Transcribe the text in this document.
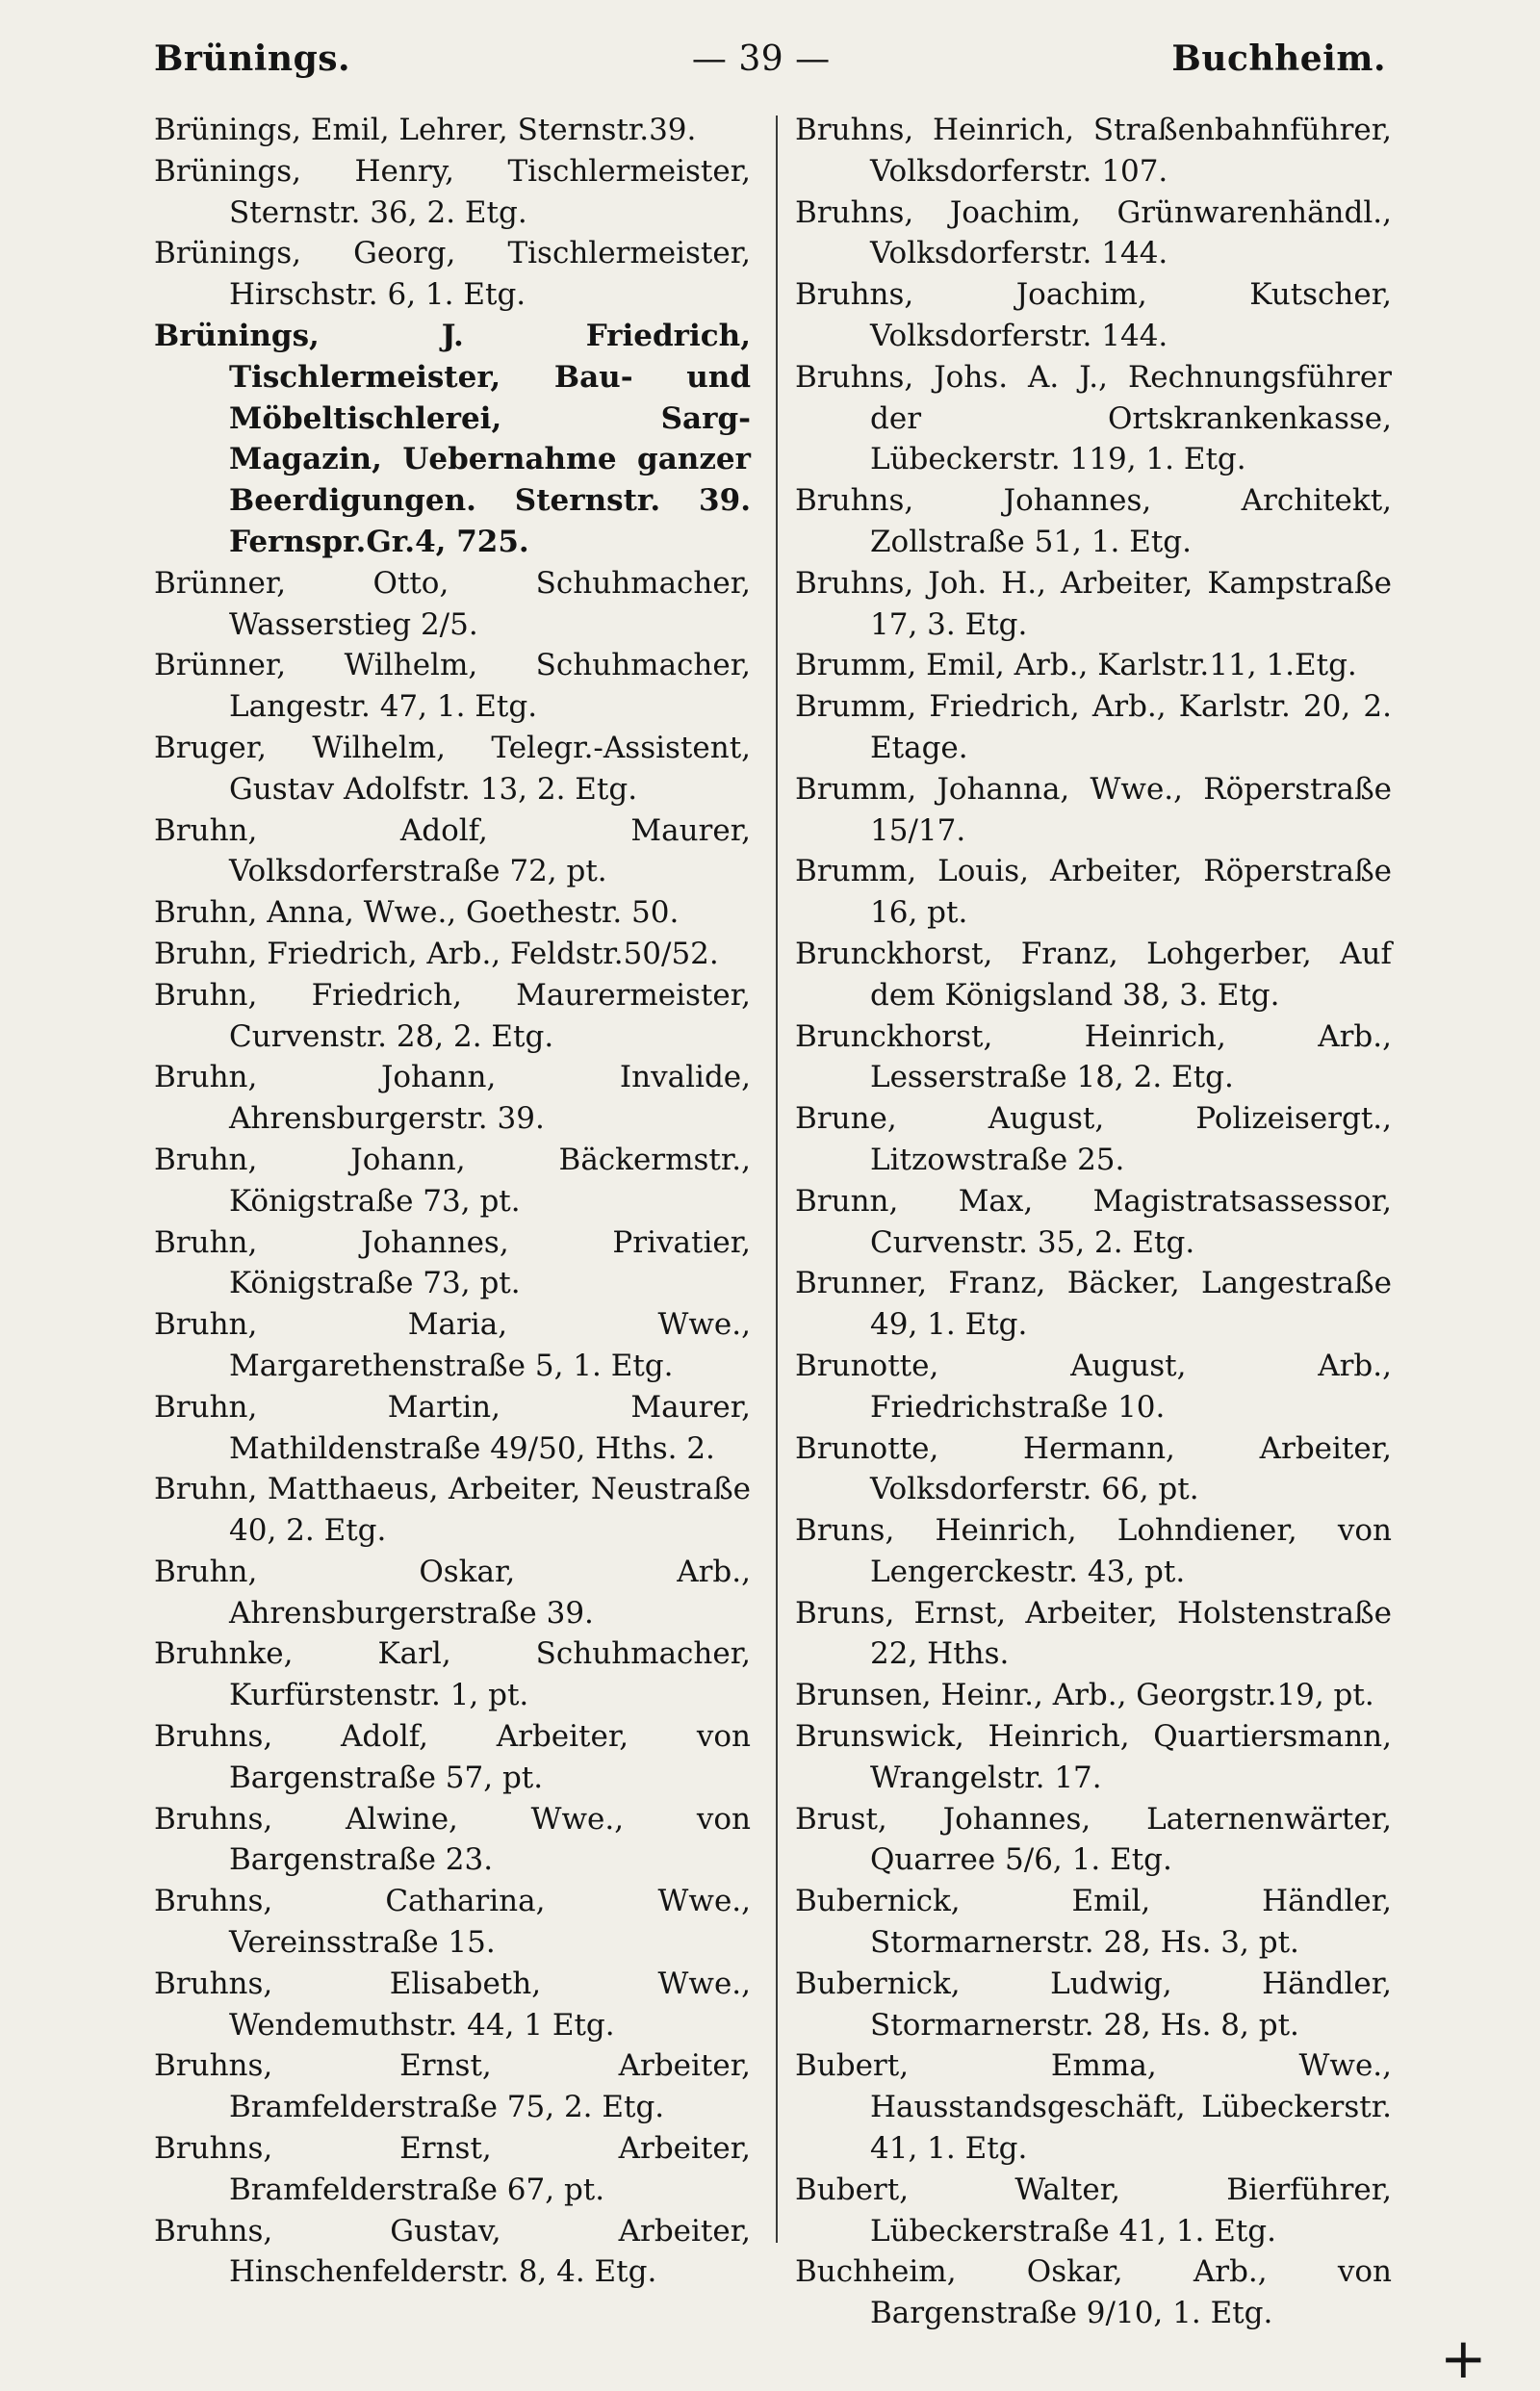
Brünings.	— 39 —	Buchheim.

Brünings, Emil, Lehrer, Sternstr.39.

Brünings, Henry, Tischlermeister, Sternstr. 36, 2. Etg.

Brünings, Georg, Tischlermeister, Hirschstr. 6, 1. Etg.

Brünings, J. Friedrich, Tischlermeister, Bau- und Möbeltischlerei, Sarg-Magazin, Uebernahme ganzer Beerdigungen. Sternstr. 39. Fernspr.Gr.4, 725.

Brünner, Otto, Schuhmacher, Wasserstieg 2/5.

Brünner, Wilhelm, Schuhmacher, Langestr. 47, 1. Etg.

Bruger, Wilhelm, Telegr.-Assistent, Gustav Adolfstr. 13, 2. Etg.

Bruhn, Adolf, Maurer, Volksdorferstraße 72, pt.

Bruhn, Anna, Wwe., Goethestr. 50.

Bruhn, Friedrich, Arb., Feldstr.50/52.

Bruhn, Friedrich, Maurermeister, Curvenstr. 28, 2. Etg.

Bruhn, Johann, Invalide, Ahrensburgerstr. 39.

Bruhn, Johann, Bäckermstr., Königstraße 73, pt.

Bruhn, Johannes, Privatier, Königstraße 73, pt.

Bruhn, Maria, Wwe., Margarethenstraße 5, 1. Etg.

Bruhn, Martin, Maurer, Mathildenstraße 49/50, Hths. 2.

Bruhn, Matthaeus, Arbeiter, Neustraße 40, 2. Etg.

Bruhn, Oskar, Arb., Ahrensburgerstraße 39.

Bruhnke, Karl, Schuhmacher, Kurfürstenstr. 1, pt.

Bruhns, Adolf, Arbeiter, von Bargenstraße 57, pt.

Bruhns, Alwine, Wwe., von Bargenstraße 23.

Bruhns, Catharina, Wwe., Vereinsstraße 15.

Bruhns, Elisabeth, Wwe., Wendemuthstr. 44, 1 Etg.

Bruhns, Ernst, Arbeiter, Bramfelderstraße 75, 2. Etg.

Bruhns, Ernst, Arbeiter, Bramfelderstraße 67, pt.

Bruhns, Gustav, Arbeiter, Hinschenfelderstr. 8, 4. Etg.

Bruhns, Heinrich, Straßenbahnführer, Volksdorferstr. 107.

Bruhns, Joachim, Grünwarenhändl., Volksdorferstr. 144.

Bruhns, Joachim, Kutscher, Volksdorferstr. 144.

Bruhns, Johs. A. J., Rechnungsführer der Ortskrankenkasse, Lübeckerstr. 119, 1. Etg.

Bruhns, Johannes, Architekt, Zollstraße 51, 1. Etg.

Bruhns, Joh. H., Arbeiter, Kampstraße 17, 3. Etg.

Brumm, Emil, Arb., Karlstr.11, 1.Etg.

Brumm, Friedrich, Arb., Karlstr. 20, 2. Etage.

Brumm, Johanna, Wwe., Röperstraße 15/17.

Brumm, Louis, Arbeiter, Röperstraße 16, pt.

Brunckhorst, Franz, Lohgerber, Auf dem Königsland 38, 3. Etg.

Brunckhorst, Heinrich, Arb., Lesserstraße 18, 2. Etg.

Brune, August, Polizeisergt., Litzowstraße 25.

Brunn, Max, Magistratsassessor, Curvenstr. 35, 2. Etg.

Brunner, Franz, Bäcker, Langestraße 49, 1. Etg.

Brunotte, August, Arb., Friedrichstraße 10.

Brunotte, Hermann, Arbeiter, Volksdorferstr. 66, pt.

Bruns, Heinrich, Lohndiener, von Lengerckestr. 43, pt.

Bruns, Ernst, Arbeiter, Holstenstraße 22, Hths.

Brunsen, Heinr., Arb., Georgstr.19, pt.

Brunswick, Heinrich, Quartiersmann, Wrangelstr. 17.

Brust, Johannes, Laternenwärter, Quarree 5/6, 1. Etg.

Bubernick, Emil, Händler, Stormarnerstr. 28, Hs. 3, pt.

Bubernick, Ludwig, Händler, Stormarnerstr. 28, Hs. 8, pt.

Bubert, Emma, Wwe., Hausstandsgeschäft, Lübeckerstr. 41, 1. Etg.

Bubert, Walter, Bierführer, Lübeckerstraße 41, 1. Etg.

Buchheim, Oskar, Arb., von Bargenstraße 9/10, 1. Etg.

+
